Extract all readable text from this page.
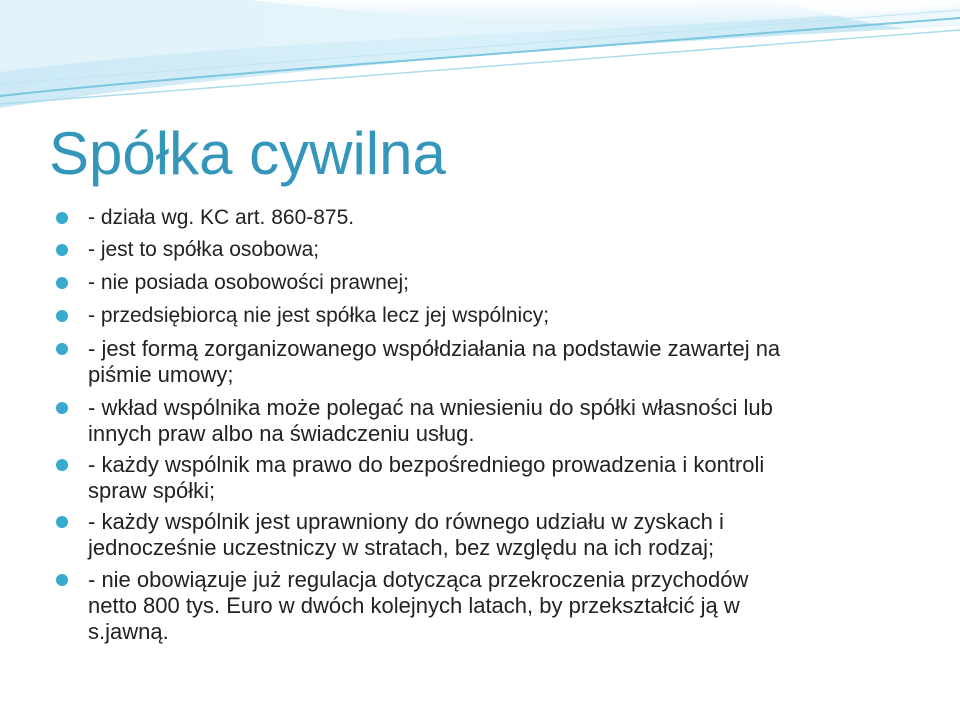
Spółka cywilna
- działa wg. KC art. 860-875.
- jest to spółka osobowa;
- nie posiada osobowości prawnej;
- przedsiębiorcą nie jest spółka lecz jej wspólnicy;
- jest formą zorganizowanego współdziałania na podstawie zawartej na
piśmie umowy;
- wkład wspólnika może polegać na wniesieniu do spółki własności lub
innych praw albo na świadczeniu usług.
- każdy wspólnik ma prawo do bezpośredniego prowadzenia i kontroli
spraw spółki;
- każdy wspólnik jest uprawniony do równego udziału w zyskach i
jednocześnie uczestniczy w stratach, bez względu na ich rodzaj;
- nie obowiązuje już regulacja dotycząca przekroczenia przychodów
netto 800 tys. Euro w dwóch kolejnych latach, by przekształcić ją w
s.jawną.
